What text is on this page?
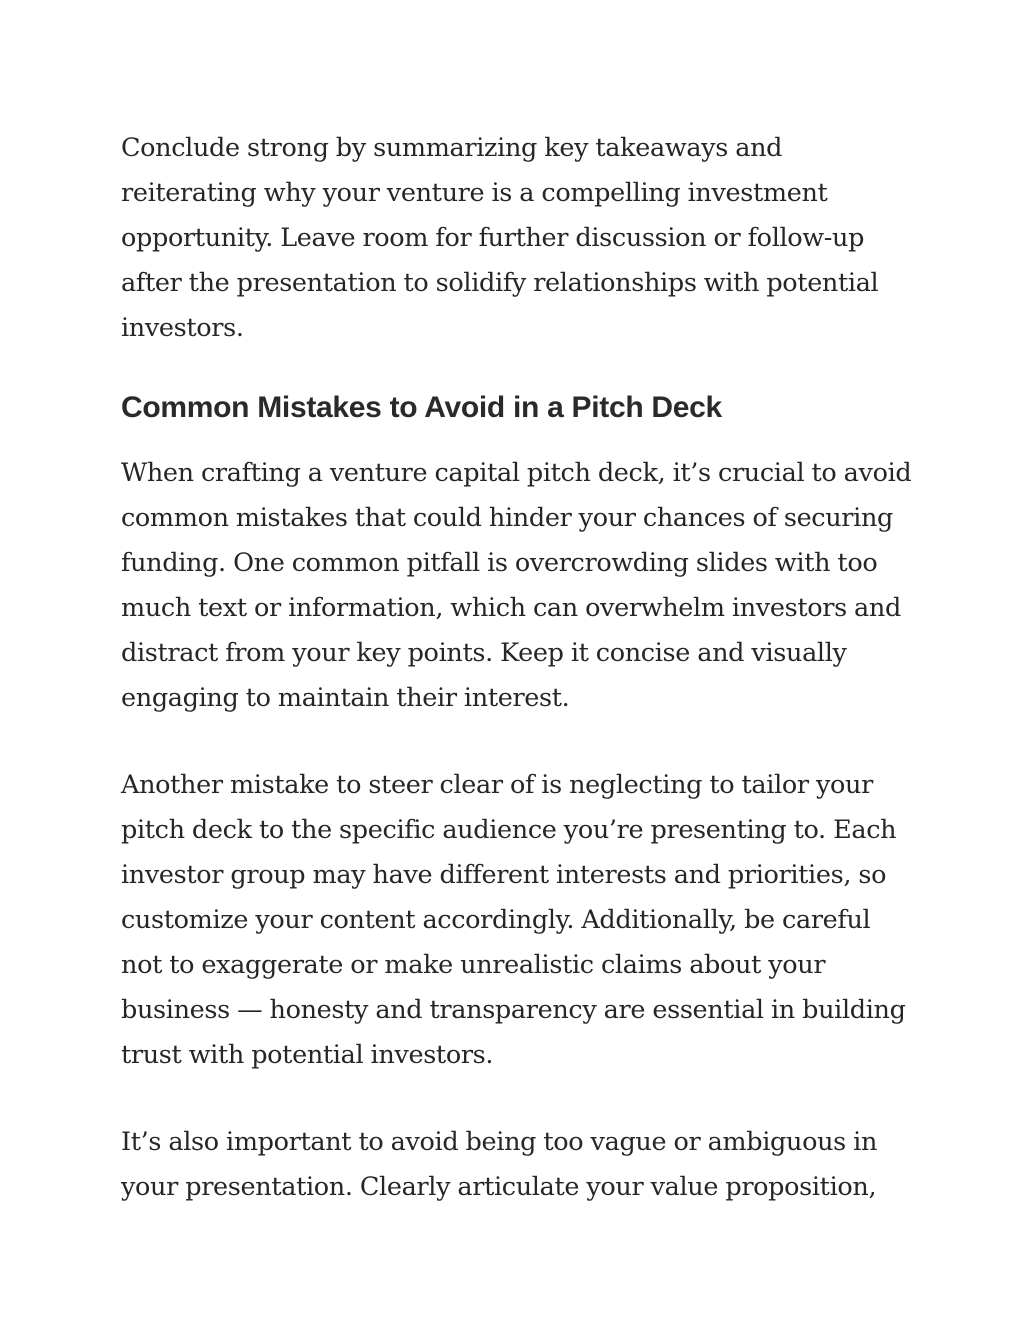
Conclude strong by summarizing key takeaways and
reiterating why your venture is a compelling investment
opportunity. Leave room for further discussion or follow-up
after the presentation to solidify relationships with potential
investors.

Common Mistakes to Avoid in a Pitch Deck

When crafting a venture capital pitch deck, it’s crucial to avoid
common mistakes that could hinder your chances of securing
funding. One common pitfall is overcrowding slides with too
much text or information, which can overwhelm investors and
distract from your key points. Keep it concise and visually
engaging to maintain their interest.

Another mistake to steer clear of is neglecting to tailor your
pitch deck to the specific audience you’re presenting to. Each
investor group may have different interests and priorities, so
customize your content accordingly. Additionally, be careful
not to exaggerate or make unrealistic claims about your
business — honesty and transparency are essential in building
trust with potential investors.

It’s also important to avoid being too vague or ambiguous in
your presentation. Clearly articulate your value proposition,
